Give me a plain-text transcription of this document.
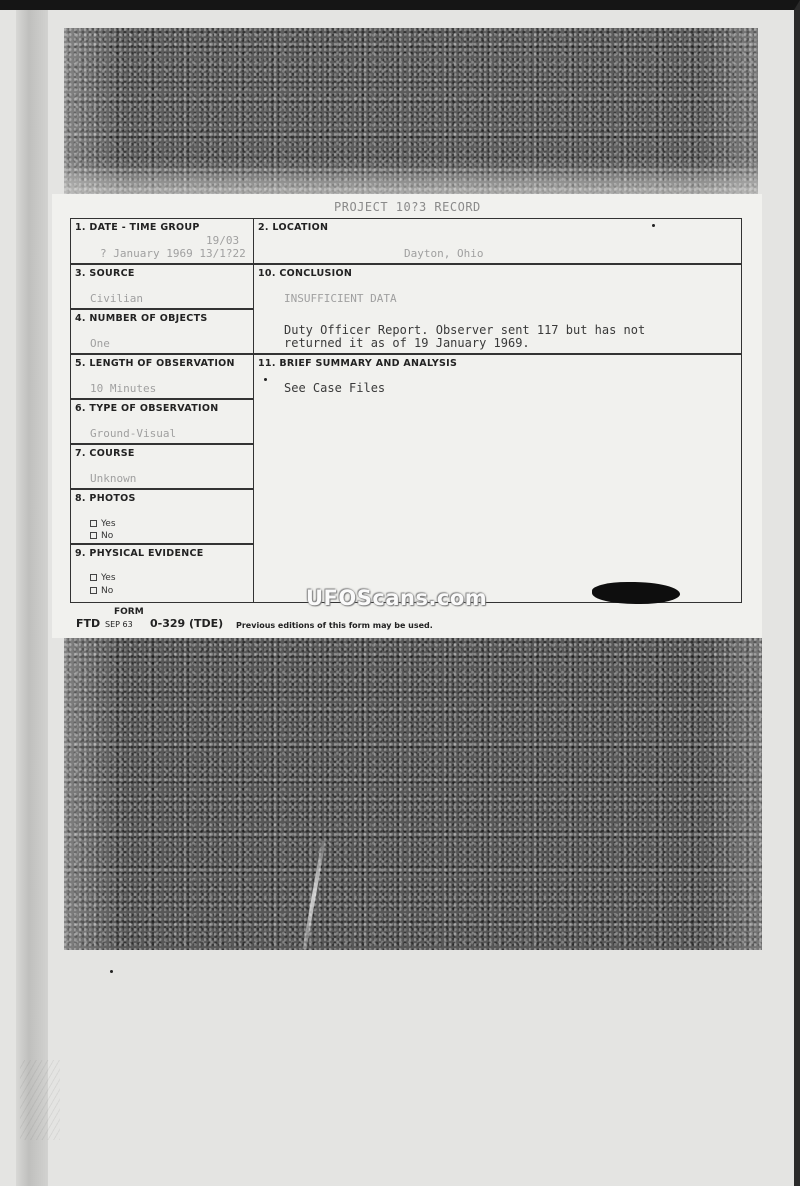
PROJECT 10?3 RECORD
1. DATE - TIME GROUP
19/03
? January 1969 13/1?22
2. LOCATION
Dayton, Ohio
3. SOURCE
Civilian
4. NUMBER OF OBJECTS
One
5. LENGTH OF OBSERVATION
10 Minutes
6. TYPE OF OBSERVATION
Ground-Visual
7. COURSE
Unknown
8. PHOTOS
Yes
No
9. PHYSICAL EVIDENCE
Yes
No
10. CONCLUSION
INSUFFICIENT DATA
Duty Officer Report. Observer sent 117 but has not
returned it as of 19 January 1969.
11. BRIEF SUMMARY AND ANALYSIS
See Case Files
UFOScans.com
FORM
FTD SEP 63 0-329 (TDE) Previous editions of this form may be used.
